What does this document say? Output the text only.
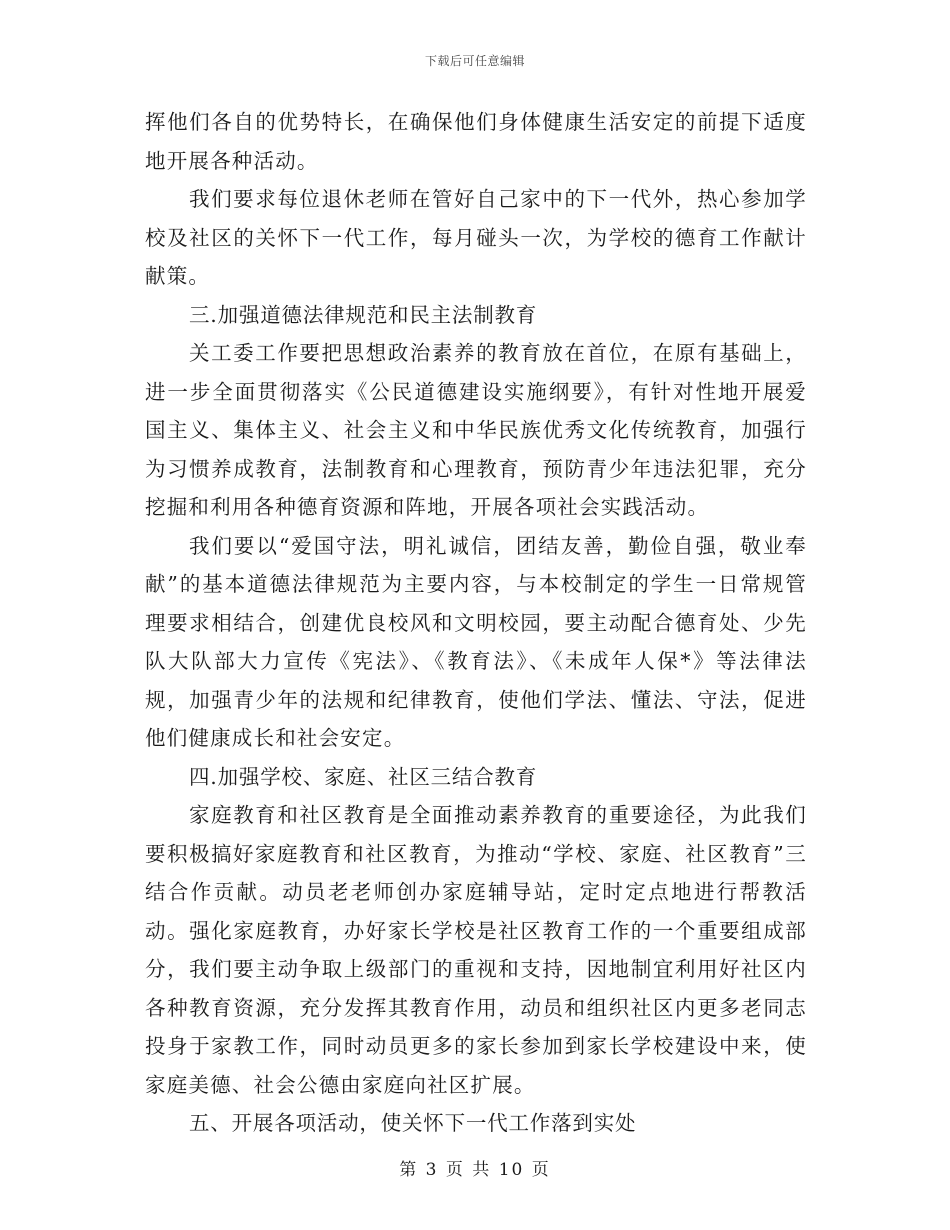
下载后可任意编辑

挥他们各自的优势特长，在确保他们身体健康生活安定的前提下适度地开展各种活动。

我们要求每位退休老师在管好自己家中的下一代外，热心参加学校及社区的关怀下一代工作，每月碰头一次，为学校的德育工作献计献策。

三.加强道德法律规范和民主法制教育

关工委工作要把思想政治素养的教育放在首位，在原有基础上，进一步全面贯彻落实《公民道德建设实施纲要》，有针对性地开展爱国主义、集体主义、社会主义和中华民族优秀文化传统教育，加强行为习惯养成教育，法制教育和心理教育，预防青少年违法犯罪，充分挖掘和利用各种德育资源和阵地，开展各项社会实践活动。

我们要以“爱国守法，明礼诚信，团结友善，勤俭自强，敬业奉献”的基本道德法律规范为主要内容，与本校制定的学生一日常规管理要求相结合，创建优良校风和文明校园，要主动配合德育处、少先队大队部大力宣传《宪法》、《教育法》、《未成年人保*》等法律法规，加强青少年的法规和纪律教育，使他们学法、懂法、守法，促进他们健康成长和社会安定。

四.加强学校、家庭、社区三结合教育

家庭教育和社区教育是全面推动素养教育的重要途径，为此我们要积极搞好家庭教育和社区教育，为推动“学校、家庭、社区教育”三结合作贡献。动员老老师创办家庭辅导站，定时定点地进行帮教活动。强化家庭教育，办好家长学校是社区教育工作的一个重要组成部分，我们要主动争取上级部门的重视和支持，因地制宜利用好社区内各种教育资源，充分发挥其教育作用，动员和组织社区内更多老同志投身于家教工作，同时动员更多的家长参加到家长学校建设中来，使家庭美德、社会公德由家庭向社区扩展。

五、开展各项活动，使关怀下一代工作落到实处

第 3 页 共 10 页
